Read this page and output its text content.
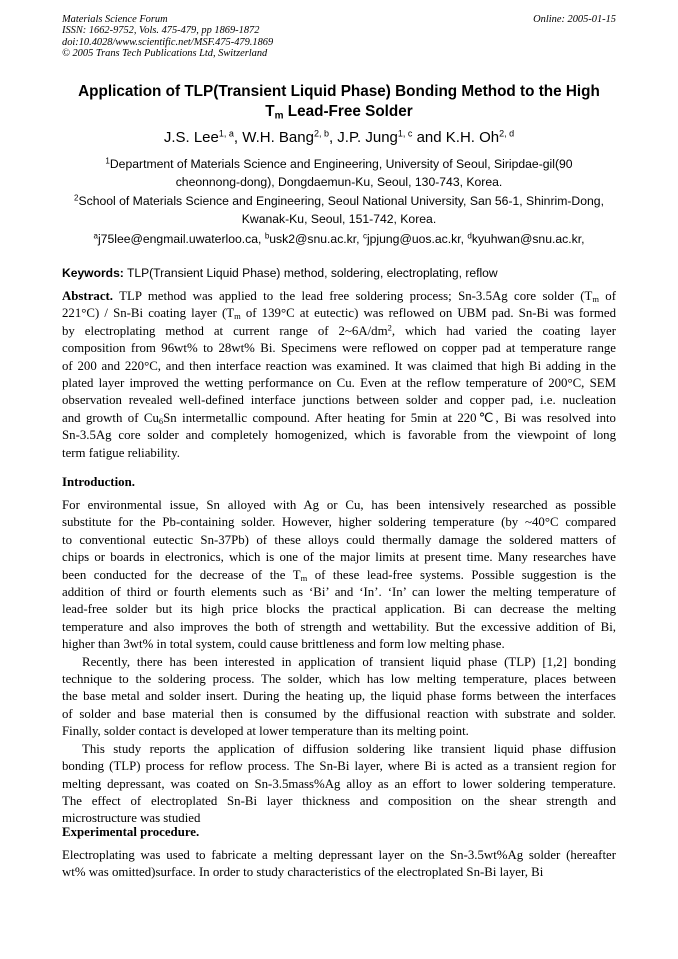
Materials Science Forum
ISSN: 1662-9752, Vols. 475-479, pp 1869-1872
doi:10.4028/www.scientific.net/MSF.475-479.1869
© 2005 Trans Tech Publications Ltd, Switzerland
Online: 2005-01-15
Application of TLP(Transient Liquid Phase) Bonding Method to the High
$T_m$ Lead-Free Solder
J.S. Lee$^{1, a}$, W.H. Bang$^{2, b}$, J.P. Jung$^{1, c}$ and K.H. Oh$^{2, d}$
$^1$Department of Materials Science and Engineering, University of Seoul, Siripdae-gil(90
cheonnong-dong), Dongdaemun-Ku, Seoul, 130-743, Korea.
$^2$School of Materials Science and Engineering, Seoul National University, San 56-1, Shinrim-Dong,
Kwanak-Ku, Seoul, 151-742, Korea.
$^a$j75lee@engmail.uwaterloo.ca, $^b$usk2@snu.ac.kr, $^c$jpjung@uos.ac.kr, $^d$kyuhwan@snu.ac.kr,
Keywords: TLP(Transient Liquid Phase) method, soldering, electroplating, reflow
Abstract. TLP method was applied to the lead free soldering process; Sn-3.5Ag core solder ($T_m$ of
221°C) / Sn-Bi coating layer ($T_m$ of 139°C at eutectic) was reflowed on UBM pad. Sn-Bi was formed
by electroplating method at current range of $2\sim 6A/dm^2$, which had varied the coating layer
composition from 96wt% to 28wt% Bi. Specimens were reflowed on copper pad at temperature range
of 200 and 220°C, and then interface reaction was examined. It was claimed that high Bi adding in the
plated layer improved the wetting performance on Cu. Even at the reflow temperature of 200°C, SEM
observation revealed well-defined interface junctions between solder and copper pad, i.e. nucleation
and growth of $Cu_6Sn$ intermetallic compound. After heating for 5min at 220℃, Bi was resolved into
Sn-3.5Ag core solder and completely homogenized, which is favorable from the viewpoint of long
term fatigue reliability.
Introduction.
For environmental issue, Sn alloyed with Ag or Cu, has been intensively researched as possible
substitute for the Pb-containing solder. However, higher soldering temperature (by ~40°C compared
to conventional eutectic Sn-37Pb) of these alloys could thermally damage the soldered matters of
chips or boards in electronics, which is one of the major limits at present time. Many researches have
been conducted for the decrease of the $T_m$ of these lead-free systems. Possible suggestion is the
addition of third or fourth elements such as ‘Bi’ and ‘In’. ‘In’ can lower the melting temperature of
lead-free solder but its high price blocks the practical application. Bi can decrease the melting
temperature and also improves the both of strength and wettability. But the excessive addition of Bi,
higher than 3wt% in total system, could cause brittleness and form low melting phase.
Recently, there has been interested in application of transient liquid phase (TLP) [1,2] bonding
technique to the soldering process. The solder, which has low melting temperature, places between
the base metal and solder insert. During the heating up, the liquid phase forms between the interfaces
of solder and base material then is consumed by the diffusional reaction with substrate and solder.
Finally, solder contact is developed at lower temperature than its melting point.
This study reports the application of diffusion soldering like transient liquid phase diffusion
bonding (TLP) process for reflow process. The Sn-Bi layer, where Bi is acted as a transient region for
melting depressant, was coated on Sn-3.5mass%Ag alloy as an effort to lower soldering temperature.
The effect of electroplated Sn-Bi layer thickness and composition on the shear strength and
microstructure was studied
Experimental procedure.
Electroplating was used to fabricate a melting depressant layer on the Sn-3.5wt%Ag solder (hereafter
wt% was omitted)surface. In order to study characteristics of the electroplated Sn-Bi layer, Bi
